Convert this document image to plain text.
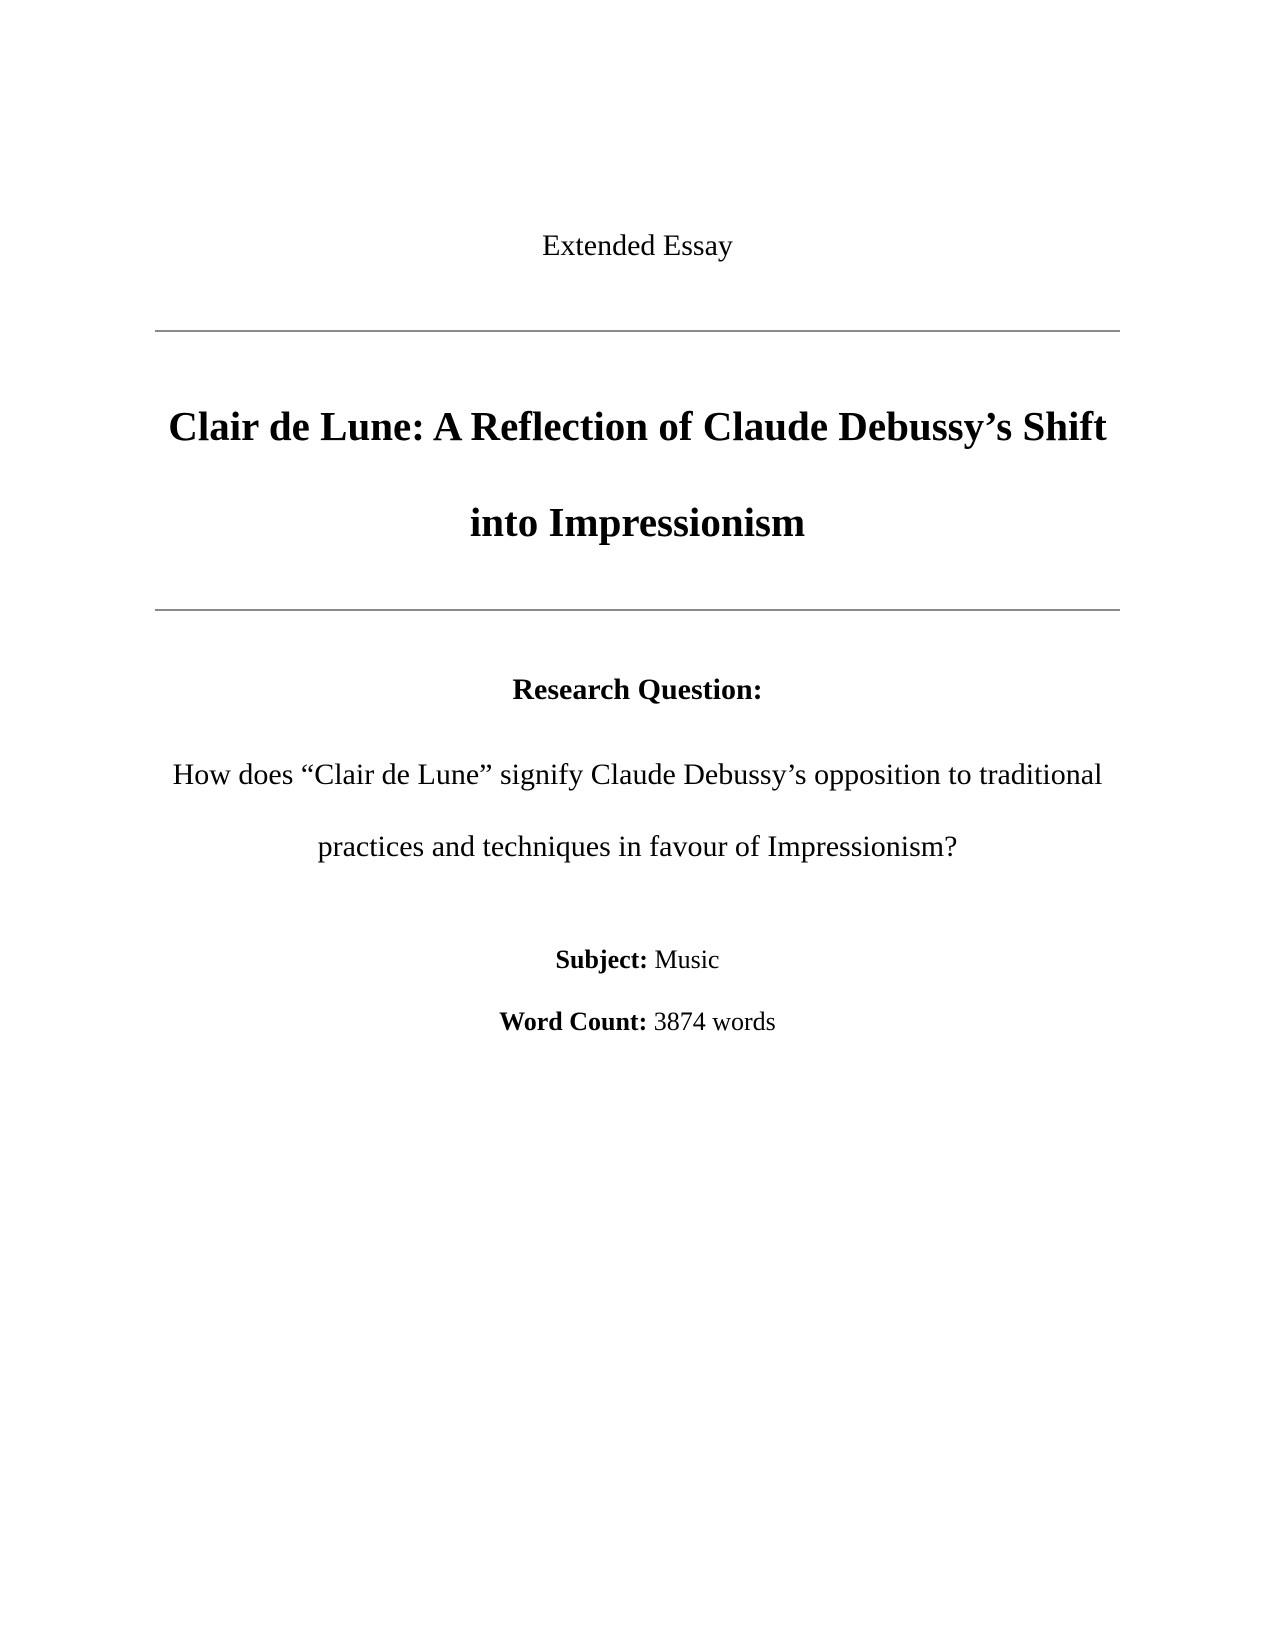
Extended Essay
Clair de Lune: A Reflection of Claude Debussy’s Shift
into Impressionism
Research Question:
How does “Clair de Lune” signify Claude Debussy’s opposition to traditional
practices and techniques in favour of Impressionism?
Subject: Music
Word Count: 3874 words
